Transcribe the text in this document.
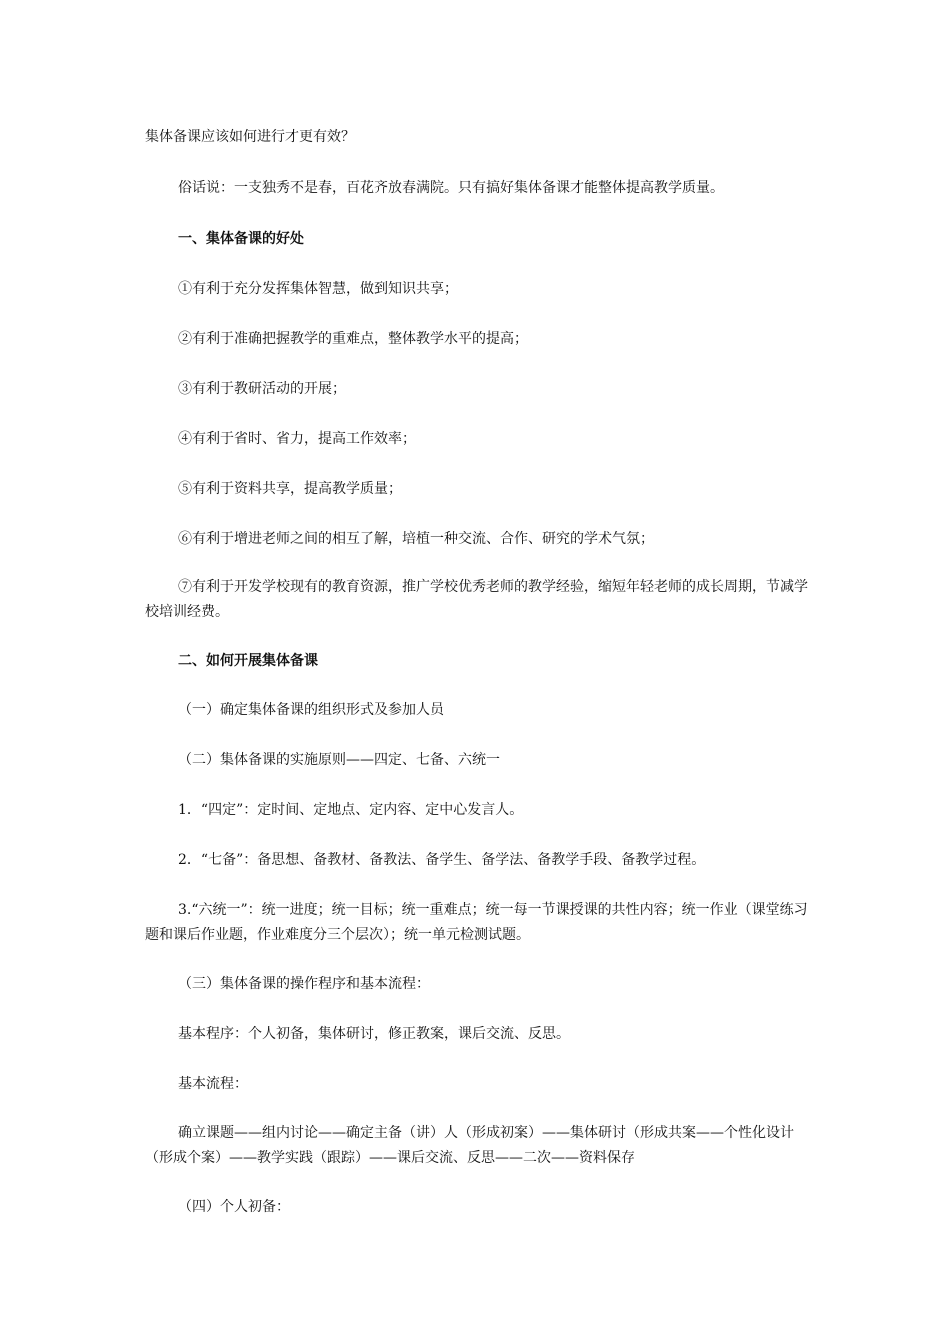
集体备课应该如何进行才更有效？

俗话说：一支独秀不是春，百花齐放春满院。只有搞好集体备课才能整体提高教学质量。

一、集体备课的好处

①有利于充分发挥集体智慧，做到知识共享；

②有利于准确把握教学的重难点，整体教学水平的提高；

③有利于教研活动的开展；

④有利于省时、省力，提高工作效率；

⑤有利于资料共享，提高教学质量；

⑥有利于增进老师之间的相互了解，培植一种交流、合作、研究的学术气氛；

⑦有利于开发学校现有的教育资源，推广学校优秀老师的教学经验，缩短年轻老师的成长周期，节减学校培训经费。

二、如何开展集体备课

（一）确定集体备课的组织形式及参加人员

（二）集体备课的实施原则——四定、七备、六统一

1．“四定”：定时间、定地点、定内容、定中心发言人。

2．“七备”：备思想、备教材、备教法、备学生、备学法、备教学手段、备教学过程。

3.“六统一”：统一进度；统一目标；统一重难点；统一每一节课授课的共性内容；统一作业（课堂练习题和课后作业题，作业难度分三个层次）；统一单元检测试题。

（三）集体备课的操作程序和基本流程：

基本程序：个人初备，集体研讨，修正教案，课后交流、反思。

基本流程：

确立课题——组内讨论——确定主备（讲）人（形成初案）——集体研讨（形成共案——个性化设计（形成个案）——教学实践（跟踪）——课后交流、反思——二次——资料保存

（四）个人初备：
